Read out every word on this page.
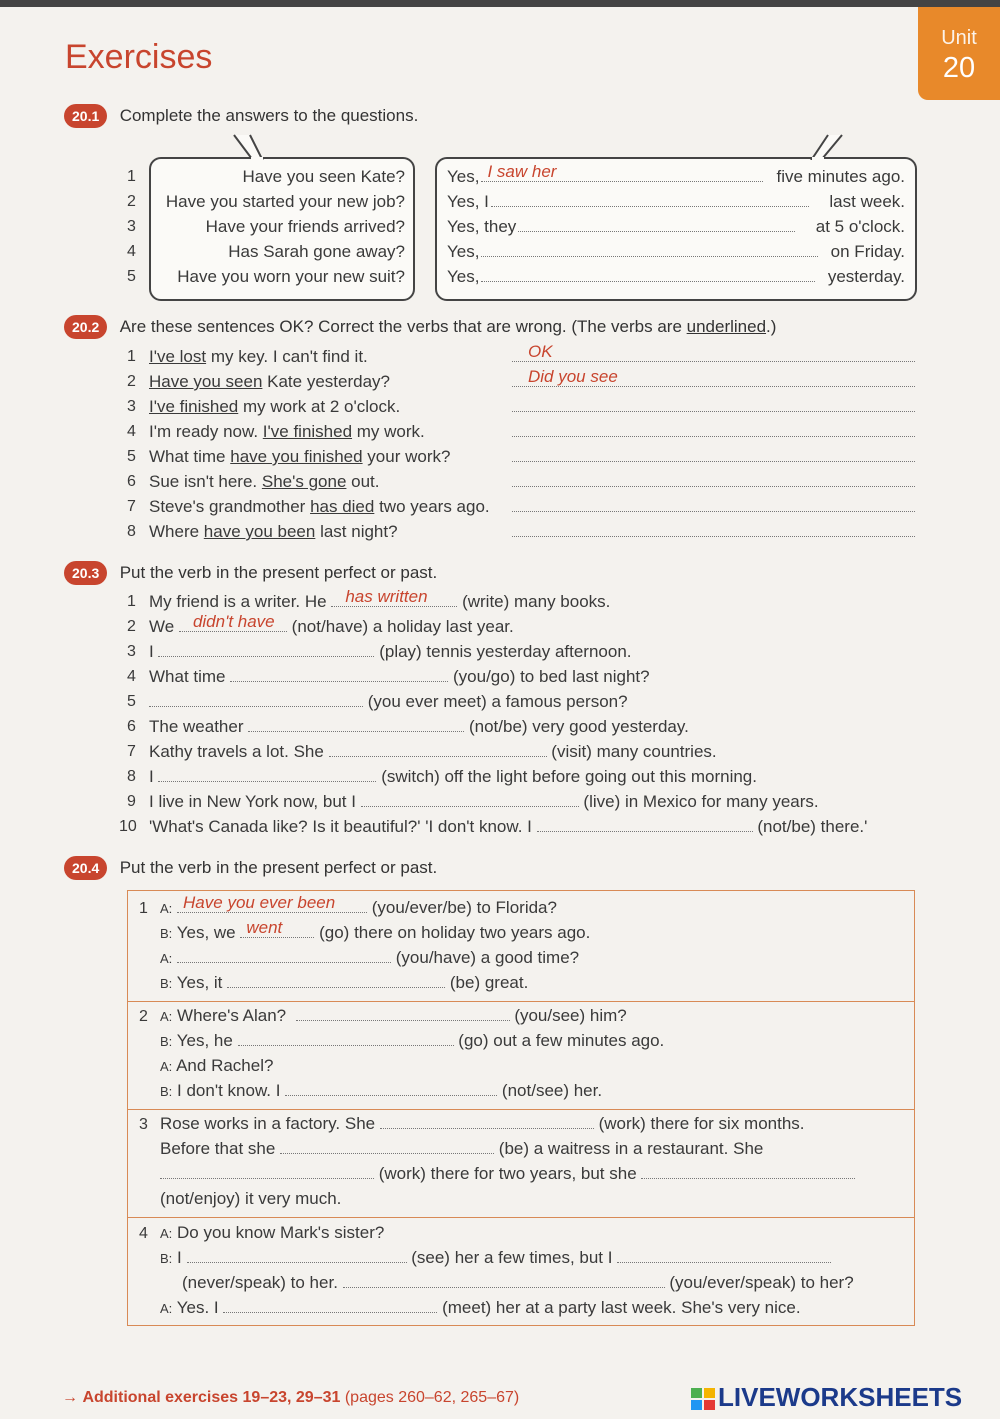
Exercises	Unit
20
20.1 Complete the answers to the questions.
1	Have you seen Kate? Yes, I saw her	five minutes ago.
2	Have you started your new job? Yes, I	last week.
3	Have your friends arrived? Yes, they	at 5 o'clock.
4	Has Sarah gone away? Yes,	on Friday.
5	Have you worn your new suit? Yes,	yesterday.
20.2 Are these sentences OK? Correct the verbs that are wrong. (The verbs are underlined.)
1 I've lost my key. I can't find it.	OK
2 Have you seen Kate yesterday?	Did you see
3 I've finished my work at 2 o'clock.
4 I'm ready now. I've finished my work.
5 What time have you finished your work?
6 Sue isn't here. She's gone out.
7 Steve's grandmother has died two years ago.
8 Where have you been last night?
20.3 Put the verb in the present perfect or past.
1 My friend is a writer. He has written (write) many books.
2 We didn't have (not/have) a holiday last year.
3 I	(play) tennis yesterday afternoon.
4 What time	(you/go) to bed last night?
5	(you ever meet) a famous person?
6 The weather	(not/be) very good yesterday.
7 Kathy travels a lot. She	(visit) many countries.
8 I	(switch) off the light before going out this morning.
9 I live in New York now, but I	(live) in Mexico for many years.
10 'What's Canada like? Is it beautiful?' 'I don't know. I	(not/be) there.'
20.4 Put the verb in the present perfect or past.
1 A: Have you ever been (you/ever/be) to Florida?
B: Yes, we went (go) there on holiday two years ago.
A:	(you/have) a good time?
B: Yes, it	(be) great.
2 A: Where's Alan?	(you/see) him?
B: Yes, he	(go) out a few minutes ago.
A: And Rachel?
B: I don't know. I	(not/see) her.
3 Rose works in a factory. She	(work) there for six months.
Before that she	(be) a waitress in a restaurant. She
(work) there for two years, but she
(not/enjoy) it very much.
4 A: Do you know Mark's sister?
B: I	(see) her a few times, but I
(never/speak) to her.	(you/ever/speak) to her?
A: Yes. I	(meet) her at a party last week. She's very nice.
→ Additional exercises 19–23, 29–31 (pages 260–62, 265–67)	LIVEWORKSHEETS
